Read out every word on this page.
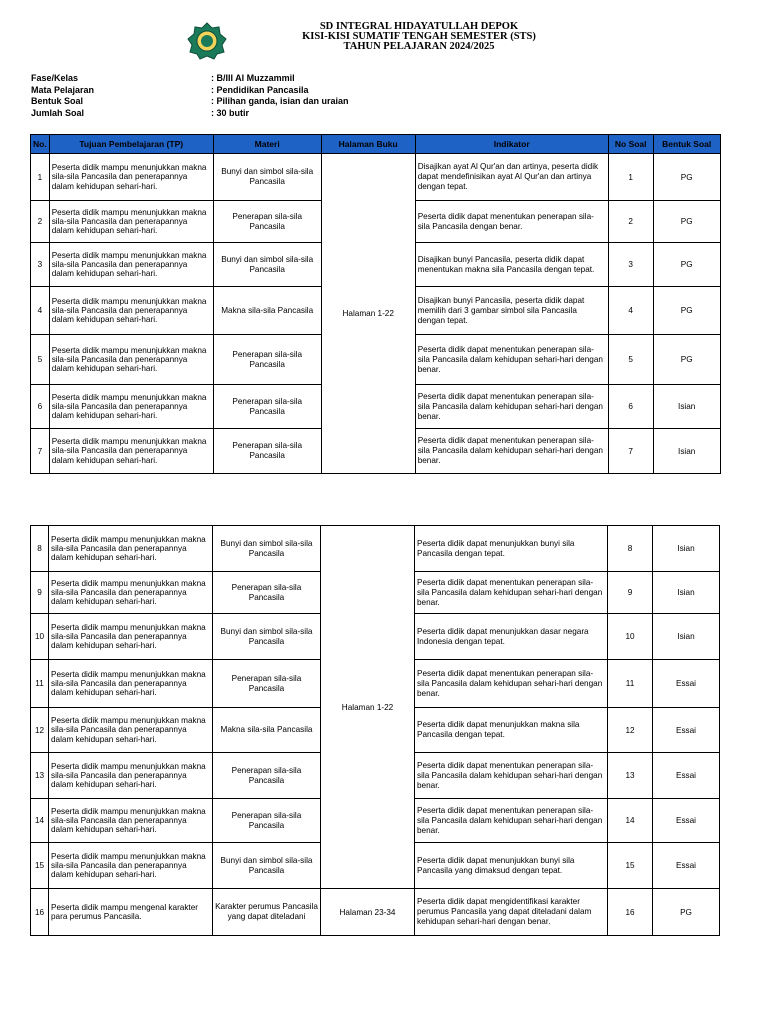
SD INTEGRAL HIDAYATULLAH DEPOK
KISI-KISI SUMATIF TENGAH SEMESTER (STS)
TAHUN PELAJARAN 2024/2025
Fase/Kelas	: B/III Al Muzzammil
Mata Pelajaran	: Pendidikan Pancasila
Bentuk Soal	: Pilihan ganda, isian dan uraian
Jumlah Soal	: 30 butir
No.	Tujuan Pembelajaran (TP)	Materi	Halaman Buku	Indikator	No Soal	Bentuk Soal
1	Peserta didik mampu menunjukkan makna sila-sila Pancasila dan penerapannya dalam kehidupan sehari-hari.	Bunyi dan simbol sila-sila Pancasila	Halaman 1-22	Disajikan ayat Al Qur'an dan artinya, peserta didik dapat mendefinisikan ayat Al Qur'an dan artinya dengan tepat.	1	PG
2	Peserta didik mampu menunjukkan makna sila-sila Pancasila dan penerapannya dalam kehidupan sehari-hari.	Penerapan sila-sila Pancasila		Peserta didik dapat menentukan penerapan sila-sila Pancasila dengan benar.	2	PG
3	Peserta didik mampu menunjukkan makna sila-sila Pancasila dan penerapannya dalam kehidupan sehari-hari.	Bunyi dan simbol sila-sila Pancasila		Disajikan bunyi Pancasila, peserta didik dapat menentukan makna sila Pancasila dengan tepat.	3	PG
4	Peserta didik mampu menunjukkan makna sila-sila Pancasila dan penerapannya dalam kehidupan sehari-hari.	Makna sila-sila Pancasila		Disajikan bunyi Pancasila, peserta didik dapat memilih dari 3 gambar simbol sila Pancasila dengan tepat.	4	PG
5	Peserta didik mampu menunjukkan makna sila-sila Pancasila dan penerapannya dalam kehidupan sehari-hari.	Penerapan sila-sila Pancasila		Peserta didik dapat menentukan penerapan sila-sila Pancasila dalam kehidupan sehari-hari dengan benar.	5	PG
6	Peserta didik mampu menunjukkan makna sila-sila Pancasila dan penerapannya dalam kehidupan sehari-hari.	Penerapan sila-sila Pancasila		Peserta didik dapat menentukan penerapan sila-sila Pancasila dalam kehidupan sehari-hari dengan benar.	6	Isian
7	Peserta didik mampu menunjukkan makna sila-sila Pancasila dan penerapannya dalam kehidupan sehari-hari.	Penerapan sila-sila Pancasila		Peserta didik dapat menentukan penerapan sila-sila Pancasila dalam kehidupan sehari-hari dengan benar.	7	Isian
8	Peserta didik mampu menunjukkan makna sila-sila Pancasila dan penerapannya dalam kehidupan sehari-hari.	Bunyi dan simbol sila-sila Pancasila	Halaman 1-22	Peserta didik dapat menunjukkan bunyi sila Pancasila dengan tepat.	8	Isian
9	Peserta didik mampu menunjukkan makna sila-sila Pancasila dan penerapannya dalam kehidupan sehari-hari.	Penerapan sila-sila Pancasila		Peserta didik dapat menentukan penerapan sila-sila Pancasila dalam kehidupan sehari-hari dengan benar.	9	Isian
10	Peserta didik mampu menunjukkan makna sila-sila Pancasila dan penerapannya dalam kehidupan sehari-hari.	Bunyi dan simbol sila-sila Pancasila		Peserta didik dapat menunjukkan dasar negara Indonesia dengan tepat.	10	Isian
11	Peserta didik mampu menunjukkan makna sila-sila Pancasila dan penerapannya dalam kehidupan sehari-hari.	Penerapan sila-sila Pancasila		Peserta didik dapat menentukan penerapan sila-sila Pancasila dalam kehidupan sehari-hari dengan benar.	11	Essai
12	Peserta didik mampu menunjukkan makna sila-sila Pancasila dan penerapannya dalam kehidupan sehari-hari.	Makna sila-sila Pancasila		Peserta didik dapat menunjukkan makna sila Pancasila dengan tepat.	12	Essai
13	Peserta didik mampu menunjukkan makna sila-sila Pancasila dan penerapannya dalam kehidupan sehari-hari.	Penerapan sila-sila Pancasila		Peserta didik dapat menentukan penerapan sila-sila Pancasila dalam kehidupan sehari-hari dengan benar.	13	Essai
14	Peserta didik mampu menunjukkan makna sila-sila Pancasila dan penerapannya dalam kehidupan sehari-hari.	Penerapan sila-sila Pancasila		Peserta didik dapat menentukan penerapan sila-sila Pancasila dalam kehidupan sehari-hari dengan benar.	14	Essai
15	Peserta didik mampu menunjukkan makna sila-sila Pancasila dan penerapannya dalam kehidupan sehari-hari.	Bunyi dan simbol sila-sila Pancasila		Peserta didik dapat menunjukkan bunyi sila Pancasila yang dimaksud dengan tepat.	15	Essai
16	Peserta didik mampu mengenal karakter para perumus Pancasila.	Karakter perumus Pancasila yang dapat diteladani	Halaman 23-34	Peserta didik dapat mengidentifikasi karakter perumus Pancasila yang dapat diteladani dalam kehidupan sehari-hari dengan benar.	16	PG
